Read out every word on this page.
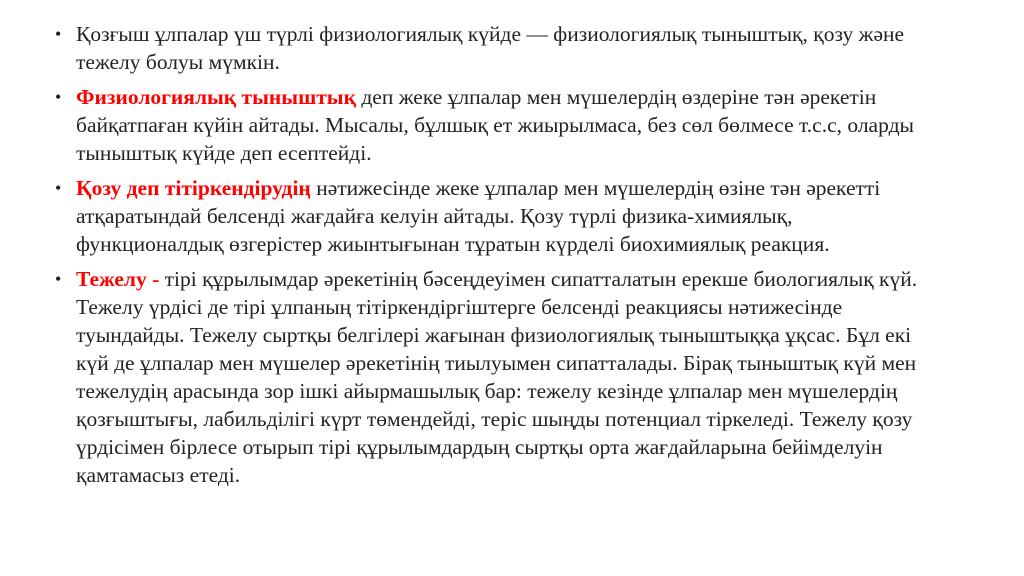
• Қозғыш ұлпалар үш түрлі физиологиялық күйде — физиологиялық тыныштық, қозу және тежелу болуы мүмкін.
• Физиологиялық тыныштық деп жеке ұлпалар мен мүшелердің өздеріне тән әрекетін байқатпаған күйін айтады. Мысалы, бұлшық ет жиырылмаса, без сөл бөлмесе т.с.с, оларды тыныштық күйде деп есептейді.
• Қозу деп тітіркендірудің нәтижесінде жеке ұлпалар мен мүшелердің өзіне тән әрекетті атқаратындай белсенді жағдайға келуін айтады. Қозу түрлі физика-химиялық, функционалдық өзгерістер жиынтығынан тұратын күрделі биохимиялық реакция.
• Тежелу - тірі құрылымдар әрекетінің бәсеңдеуімен сипатталатын ерекше биологиялық күй. Тежелу үрдісі де тірі ұлпаның тітіркендіргіштерге белсенді реакциясы нәтижесінде туындайды. Тежелу сыртқы белгілері жағынан физиологиялық тыныштыққа ұқсас. Бұл екі күй де ұлпалар мен мүшелер әрекетінің тиылуымен сипатталады. Бірақ тыныштық күй мен тежелудің арасында зор ішкі айырмашылық бар: тежелу кезінде ұлпалар мен мүшелердің қозғыштығы, лабильділігі күрт төмендейді, теріс шыңды потенциал тіркеледі. Тежелу қозу үрдісімен бірлесе отырып тірі құрылымдардың сыртқы орта жағдайларына бейімделуін қамтамасыз етеді.
